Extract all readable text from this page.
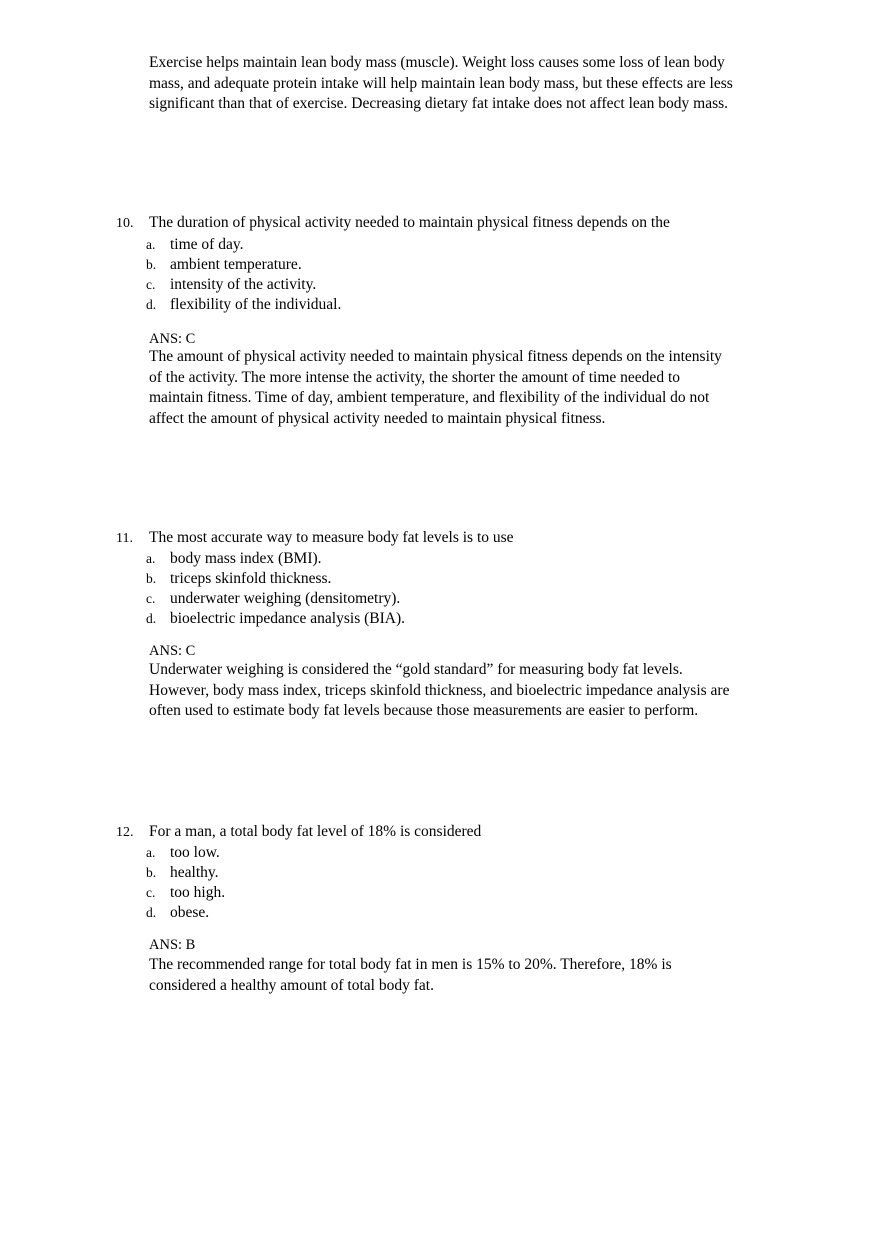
Exercise helps maintain lean body mass (muscle). Weight loss causes some loss of lean body
mass, and adequate protein intake will help maintain lean body mass, but these effects are less
significant than that of exercise. Decreasing dietary fat intake does not affect lean body mass.
10. The duration of physical activity needed to maintain physical fitness depends on the
a. time of day.
b. ambient temperature.
c. intensity of the activity.
d. flexibility of the individual.
ANS: C
The amount of physical activity needed to maintain physical fitness depends on the intensity
of the activity. The more intense the activity, the shorter the amount of time needed to
maintain fitness. Time of day, ambient temperature, and flexibility of the individual do not
affect the amount of physical activity needed to maintain physical fitness.
11. The most accurate way to measure body fat levels is to use
a. body mass index (BMI).
b. triceps skinfold thickness.
c. underwater weighing (densitometry).
d. bioelectric impedance analysis (BIA).
ANS: C
Underwater weighing is considered the “gold standard” for measuring body fat levels.
However, body mass index, triceps skinfold thickness, and bioelectric impedance analysis are
often used to estimate body fat levels because those measurements are easier to perform.
12. For a man, a total body fat level of 18% is considered
a. too low.
b. healthy.
c. too high.
d. obese.
ANS: B
The recommended range for total body fat in men is 15% to 20%. Therefore, 18% is
considered a healthy amount of total body fat.
